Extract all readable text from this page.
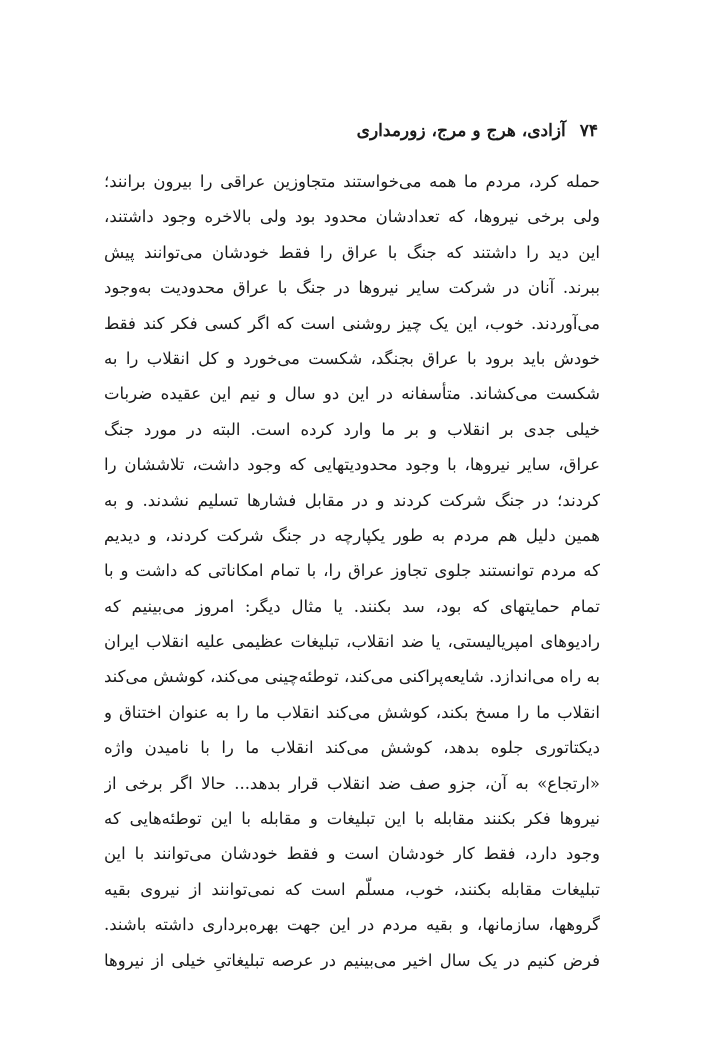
۷۴
آزادی، هرج و مرج، زورمداری
حمله کرد، مردم ما همه می‌خواستند متجاوزین عراقی را بیرون برانند؛
ولی برخی نیروها، که تعدادشان محدود بود ولی بالاخره وجود داشتند،
این دید را داشتند که جنگ با عراق را فقط خودشان می‌توانند پیش
ببرند. آنان در شرکت سایر نیروها در جنگ با عراق محدودیت به‌وجود
می‌آوردند. خوب، این یک چیز روشنی است که اگر کسی فکر کند فقط
خودش باید برود با عراق بجنگد، شکست می‌خورد و کل انقلاب را به
شکست می‌کشاند. متأسفانه در این دو سال و نیم این عقیده ضربات
خیلی جدی بر انقلاب و بر ما وارد کرده است. البته در مورد جنگ
عراق، سایر نیروها، با وجود محدودیتهایی که وجود داشت، تلاششان را
کردند؛ در جنگ شرکت کردند و در مقابل فشارها تسلیم نشدند. و به
همین دلیل هم مردم به طور یکپارچه در جنگ شرکت کردند، و دیدیم
که مردم توانستند جلوی تجاوز عراق را، با تمام امکاناتی که داشت و با
تمام حمایتهای که بود، سد بکنند. یا مثال دیگر: امروز می‌بینیم که
رادیوهای امپریالیستی، یا ضد انقلاب، تبلیغات عظیمی علیه انقلاب ایران
به راه می‌اندازد. شایعه‌پراکنی می‌کند، توطئه‌چینی می‌کند، کوشش می‌کند
انقلاب ما را مسخ بکند، کوشش می‌کند انقلاب ما را به عنوان اختناق و
دیکتاتوری جلوه بدهد، کوشش می‌کند انقلاب ما را با نامیدن واژه
«ارتجاع» به آن، جزو صف ضد انقلاب قرار بدهد... حالا اگر برخی از
نیروها فکر بکنند مقابله با این تبلیغات و مقابله با این توطئه‌هایی که
وجود دارد، فقط کار خودشان است و فقط خودشان می‌توانند با این
تبلیغات مقابله بکنند، خوب، مسلّم است که نمی‌توانند از نیروی بقیه
گروهها، سازمانها، و بقیه مردم در این جهت بهره‌برداری داشته باشند.
فرض کنیم در یک سال اخیر می‌بینیم در عرصه تبلیغاتیِ خیلی از نیروها
